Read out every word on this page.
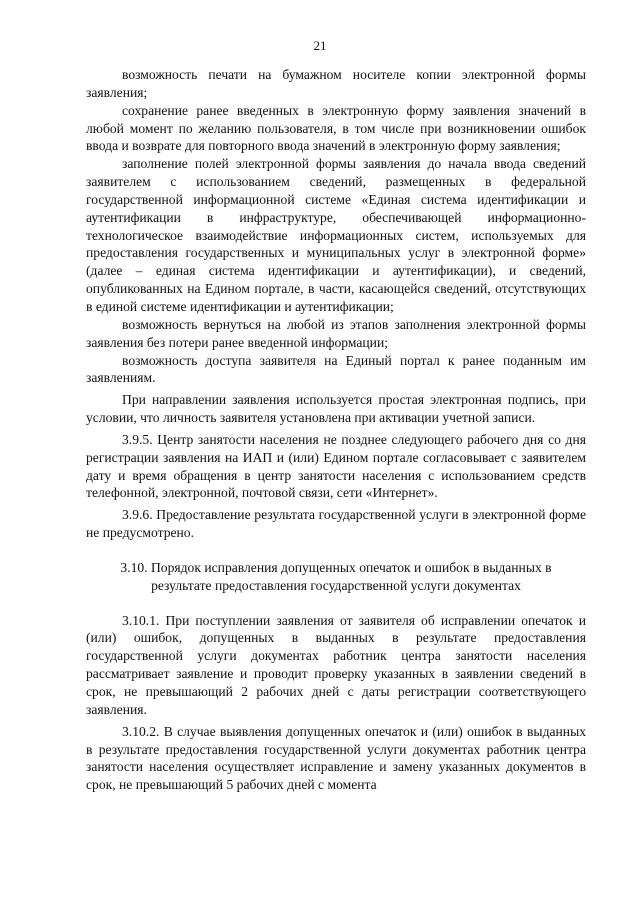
21

возможность печати на бумажном носителе копии электронной формы заявления;

сохранение ранее введенных в электронную форму заявления значений в любой момент по желанию пользователя, в том числе при возникновении ошибок ввода и возврате для повторного ввода значений в электронную форму заявления;

заполнение полей электронной формы заявления до начала ввода сведений заявителем с использованием сведений, размещенных в федеральной государственной информационной системе «Единая система идентификации и аутентификации в инфраструктуре, обеспечивающей информационно-технологическое взаимодействие информационных систем, используемых для предоставления государственных и муниципальных услуг в электронной форме» (далее – единая система идентификации и аутентификации), и сведений, опубликованных на Едином портале, в части, касающейся сведений, отсутствующих в единой системе идентификации и аутентификации;

возможность вернуться на любой из этапов заполнения электронной формы заявления без потери ранее введенной информации;

возможность доступа заявителя на Единый портал к ранее поданным им заявлениям.

При направлении заявления используется простая электронная подпись, при условии, что личность заявителя установлена при активации учетной записи.

3.9.5. Центр занятости населения не позднее следующего рабочего дня со дня регистрации заявления на ИАП и (или) Едином портале согласовывает с заявителем дату и время обращения в центр занятости населения с использованием средств телефонной, электронной, почтовой связи, сети «Интернет».

3.9.6. Предоставление результата государственной услуги в электронной форме не предусмотрено.

3.10. Порядок исправления допущенных опечаток и ошибок в выданных в

результате предоставления государственной услуги документах

3.10.1. При поступлении заявления от заявителя об исправлении опечаток и (или) ошибок, допущенных в выданных в результате предоставления государственной услуги документах работник центра занятости населения рассматривает заявление и проводит проверку указанных в заявлении сведений в срок, не превышающий 2 рабочих дней с даты регистрации соответствующего заявления.

3.10.2. В случае выявления допущенных опечаток и (или) ошибок в выданных в результате предоставления государственной услуги документах работник центра занятости населения осуществляет исправление и замену указанных документов в срок, не превышающий 5 рабочих дней с момента
